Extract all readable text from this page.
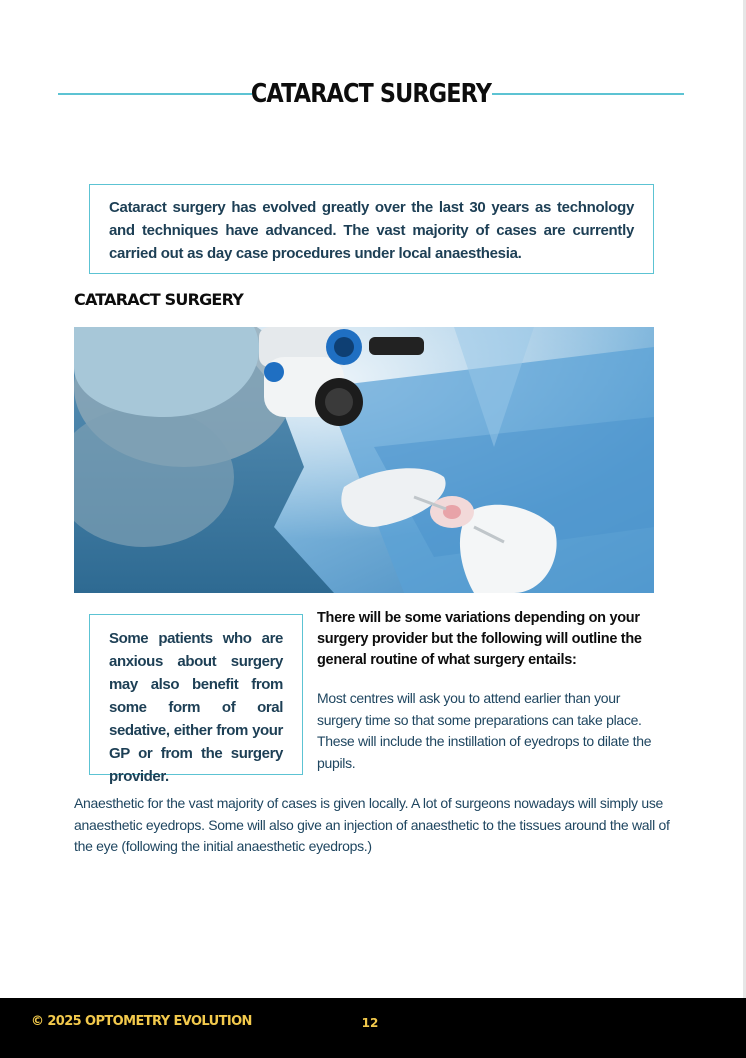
CATARACT SURGERY

Cataract surgery has evolved greatly over the last 30 years as technology and techniques have advanced. The vast majority of cases are currently carried out as day case procedures under local anaesthesia.

CATARACT SURGERY

Some patients who are anxious about surgery may also benefit from some form of oral sedative, either from your GP or from the surgery provider.

There will be some variations depending on your surgery provider but the following will outline the general routine of what surgery entails:

Most centres will ask you to attend earlier than your surgery time so that some preparations can take place. These will include the instillation of eyedrops to dilate the pupils.

Anaesthetic for the vast majority of cases is given locally. A lot of surgeons nowadays will simply use anaesthetic eyedrops. Some will also give an injection of anaesthetic to the tissues around the wall of the eye (following the initial anaesthetic eyedrops.)

© 2025 OPTOMETRY EVOLUTION	12
